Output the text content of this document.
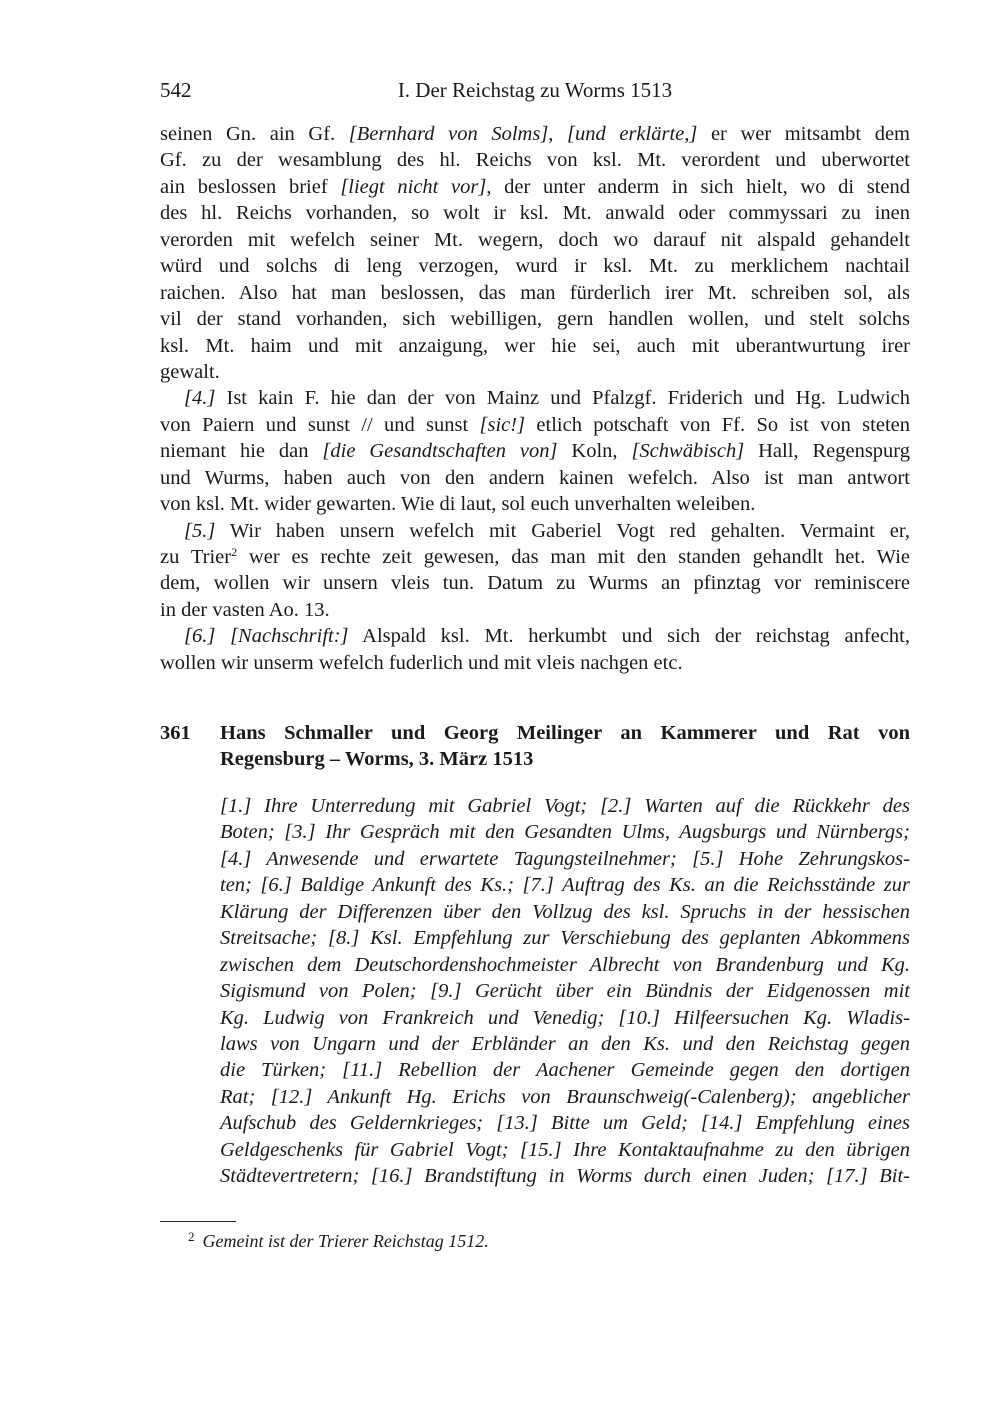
542	I. Der Reichstag zu Worms 1513
seinen Gn. ain Gf. [Bernhard von Solms], [und erklärte,] er wer mitsambt dem
Gf. zu der wesamblung des hl. Reichs von ksl. Mt. verordent und uberwortet
ain beslossen brief [liegt nicht vor], der unter anderm in sich hielt, wo di stend
des hl. Reichs vorhanden, so wolt ir ksl. Mt. anwald oder commyssari zu inen
verorden mit wefelch seiner Mt. wegern, doch wo darauf nit alspald gehandelt
würd und solchs di leng verzogen, wurd ir ksl. Mt. zu merklichem nachtail
raichen. Also hat man beslossen, das man fürderlich irer Mt. schreiben sol, als
vil der stand vorhanden, sich webilligen, gern handlen wollen, und stelt solchs
ksl. Mt. haim und mit anzaigung, wer hie sei, auch mit uberantwurtung irer
gewalt.
[4.] Ist kain F. hie dan der von Mainz und Pfalzgf. Friderich und Hg. Ludwich
von Paiern und sunst // und sunst [sic!] etlich potschaft von Ff. So ist von steten
niemant hie dan [die Gesandtschaften von] Koln, [Schwäbisch] Hall, Regenspurg
und Wurms, haben auch von den andern kainen wefelch. Also ist man antwort
von ksl. Mt. wider gewarten. Wie di laut, sol euch unverhalten weleiben.
[5.] Wir haben unsern wefelch mit Gaberiel Vogt red gehalten. Vermaint er,
zu Trier$^2$ wer es rechte zeit gewesen, das man mit den standen gehandlt het. Wie
dem, wollen wir unsern vleis tun. Datum zu Wurms an pfinztag vor reminiscere
in der vasten Ao. 13.
[6.] [Nachschrift:] Alspald ksl. Mt. herkumbt und sich der reichstag anfecht,
wollen wir unserm wefelch fuderlich und mit vleis nachgen etc.
361 Hans Schmaller und Georg Meilinger an Kammerer und Rat von
Regensburg – Worms, 3. März 1513
[1.] Ihre Unterredung mit Gabriel Vogt; [2.] Warten auf die Rückkehr des
Boten; [3.] Ihr Gespräch mit den Gesandten Ulms, Augsburgs und Nürnbergs;
[4.] Anwesende und erwartete Tagungsteilnehmer; [5.] Hohe Zehrungskos-
ten; [6.] Baldige Ankunft des Ks.; [7.] Auftrag des Ks. an die Reichsstände zur
Klärung der Differenzen über den Vollzug des ksl. Spruchs in der hessischen
Streitsache; [8.] Ksl. Empfehlung zur Verschiebung des geplanten Abkommens
zwischen dem Deutschordenshochmeister Albrecht von Brandenburg und Kg.
Sigismund von Polen; [9.] Gerücht über ein Bündnis der Eidgenossen mit
Kg. Ludwig von Frankreich und Venedig; [10.] Hilfeersuchen Kg. Wladis-
laws von Ungarn und der Erbländer an den Ks. und den Reichstag gegen
die Türken; [11.] Rebellion der Aachener Gemeinde gegen den dortigen
Rat; [12.] Ankunft Hg. Erichs von Braunschweig(-Calenberg); angeblicher
Aufschub des Geldernkrieges; [13.] Bitte um Geld; [14.] Empfehlung eines
Geldgeschenks für Gabriel Vogt; [15.] Ihre Kontaktaufnahme zu den übrigen
Städtevertretern; [16.] Brandstiftung in Worms durch einen Juden; [17.] Bit-
$^2$ Gemeint ist der Trierer Reichstag 1512.
